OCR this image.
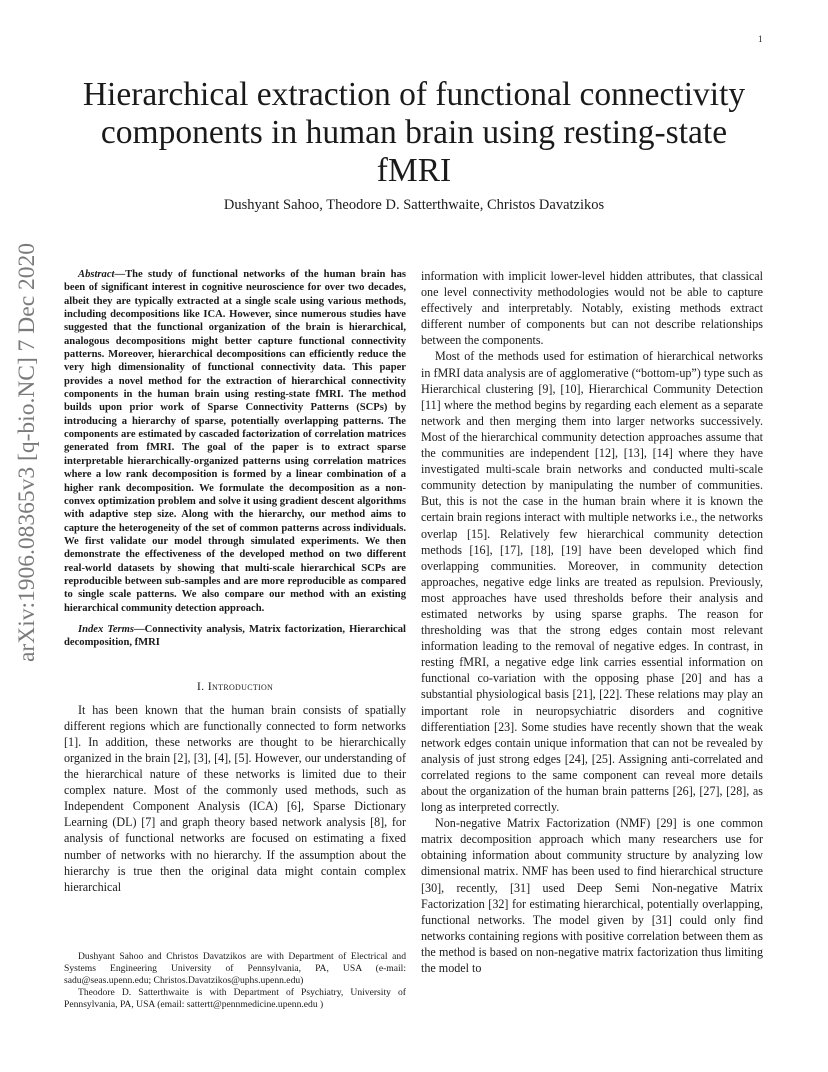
1
Hierarchical extraction of functional connectivity components in human brain using resting-state fMRI
Dushyant Sahoo, Theodore D. Satterthwaite, Christos Davatzikos
arXiv:1906.08365v3 [q-bio.NC] 7 Dec 2020	Abstract—The study of functional networks of the human brain has been of significant interest in cognitive neuroscience for over two decades, albeit they are typically extracted at a single scale using various methods, including decompositions like ICA. However, since numerous studies have suggested that the functional organization of the brain is hierarchical, analogous decompositions might better capture functional connectivity patterns. Moreover, hierarchical decompositions can efficiently reduce the very high dimensionality of functional connectivity data. This paper provides a novel method for the extraction of hierarchical connectivity components in the human brain using resting-state fMRI. The method builds upon prior work of Sparse Connectivity Patterns (SCPs) by introducing a hierarchy of sparse, potentially overlapping patterns. The components are estimated by cascaded factorization of correlation matrices generated from fMRI. The goal of the paper is to extract sparse interpretable hierarchically-organized patterns using correlation matrices where a low rank decomposition is formed by a linear combination of a higher rank decomposition. We formulate the decomposition as a non-convex optimization problem and solve it using gradient descent algorithms with adaptive step size. Along with the hierarchy, our method aims to capture the heterogeneity of the set of common patterns across individuals. We first validate our model through simulated experiments. We then demonstrate the effectiveness of the developed method on two different real-world datasets by showing that multi-scale hierarchical SCPs are reproducible between sub-samples and are more reproducible as compared to single scale patterns. We also compare our method with an existing hierarchical community detection approach.

Index Terms—Connectivity analysis, Matrix factorization, Hierarchical decomposition, fMRI

I. Introduction

It has been known that the human brain consists of spatially different regions which are functionally connected to form networks [1]. In addition, these networks are thought to be hierarchically organized in the brain [2], [3], [4], [5]. However, our understanding of the hierarchical nature of these networks is limited due to their complex nature. Most of the commonly used methods, such as Independent Component Analysis (ICA) [6], Sparse Dictionary Learning (DL) [7] and graph theory based network analysis [8], for analysis of functional networks are focused on estimating a fixed number of networks with no hierarchy. If the assumption about the hierarchy is true then the original data might contain complex hierarchical

Dushyant Sahoo and Christos Davatzikos are with Department of Electrical and Systems Engineering University of Pennsylvania, PA, USA (e-mail: sadu@seas.upenn.edu; Christos.Davatzikos@uphs.upenn.edu)

Theodore D. Satterthwaite is with Department of Psychiatry, University of Pennsylvania, PA, USA (email: sattertt@pennmedicine.upenn.edu )

information with implicit lower-level hidden attributes, that classical one level connectivity methodologies would not be able to capture effectively and interpretably. Notably, existing methods extract different number of components but can not describe relationships between the components.

Most of the methods used for estimation of hierarchical networks in fMRI data analysis are of agglomerative (“bottom-up”) type such as Hierarchical clustering [9], [10], Hierarchical Community Detection [11] where the method begins by regarding each element as a separate network and then merging them into larger networks successively. Most of the hierarchical community detection approaches assume that the communities are independent [12], [13], [14] where they have investigated multi-scale brain networks and conducted multi-scale community detection by manipulating the number of communities. But, this is not the case in the human brain where it is known the certain brain regions interact with multiple networks i.e., the networks overlap [15]. Relatively few hierarchical community detection methods [16], [17], [18], [19] have been developed which find overlapping communities. Moreover, in community detection approaches, negative edge links are treated as repulsion. Previously, most approaches have used thresholds before their analysis and estimated networks by using sparse graphs. The reason for thresholding was that the strong edges contain most relevant information leading to the removal of negative edges. In contrast, in resting fMRI, a negative edge link carries essential information on functional co-variation with the opposing phase [20] and has a substantial physiological basis [21], [22]. These relations may play an important role in neuropsychiatric disorders and cognitive differentiation [23]. Some studies have recently shown that the weak network edges contain unique information that can not be revealed by analysis of just strong edges [24], [25]. Assigning anti-correlated and correlated regions to the same component can reveal more details about the organization of the human brain patterns [26], [27], [28], as long as interpreted correctly.

Non-negative Matrix Factorization (NMF) [29] is one common matrix decomposition approach which many researchers use for obtaining information about community structure by analyzing low dimensional matrix. NMF has been used to find hierarchical structure [30], recently, [31] used Deep Semi Non-negative Matrix Factorization [32] for estimating hierarchical, potentially overlapping, functional networks. The model given by [31] could only find networks containing regions with positive correlation between them as the method is based on non-negative matrix factorization thus limiting the model to
